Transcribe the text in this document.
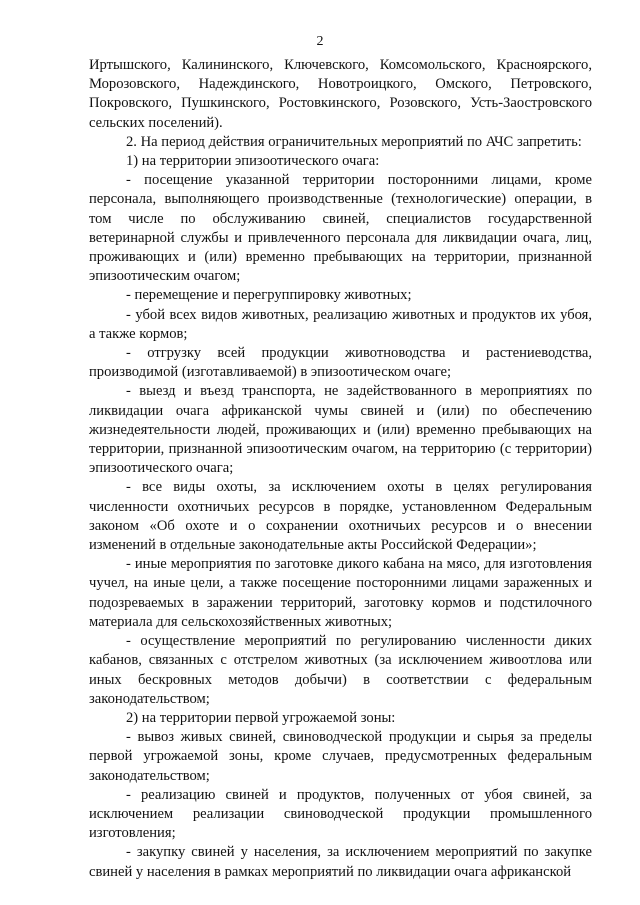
2

Иртышского, Калининского, Ключевского, Комсомольского, Красноярского, Морозовского, Надеждинского, Новотроицкого, Омского, Петровского, Покровского, Пушкинского, Ростовкинского, Розовского, Усть-Заостровского сельских поселений).

2. На период действия ограничительных мероприятий по АЧС запретить:

1) на территории эпизоотического очага:

- посещение указанной территории посторонними лицами, кроме персонала, выполняющего производственные (технологические) операции, в том числе по обслуживанию свиней, специалистов государственной ветеринарной службы и привлеченного персонала для ликвидации очага, лиц, проживающих и (или) временно пребывающих на территории, признанной эпизоотическим очагом;

- перемещение и перегруппировку животных;

- убой всех видов животных, реализацию животных и продуктов их убоя, а также кормов;

- отгрузку всей продукции животноводства и растениеводства, производимой (изготавливаемой) в эпизоотическом очаге;

- выезд и въезд транспорта, не задействованного в мероприятиях по ликвидации очага африканской чумы свиней и (или) по обеспечению жизнедеятельности людей, проживающих и (или) временно пребывающих на территории, признанной эпизоотическим очагом, на территорию (с территории) эпизоотического очага;

- все виды охоты, за исключением охоты в целях регулирования численности охотничьих ресурсов в порядке, установленном Федеральным законом «Об охоте и о сохранении охотничьих ресурсов и о внесении изменений в отдельные законодательные акты Российской Федерации»;

- иные мероприятия по заготовке дикого кабана на мясо, для изготовления чучел, на иные цели, а также посещение посторонними лицами зараженных и подозреваемых в заражении территорий, заготовку кормов и подстилочного материала для сельскохозяйственных животных;

- осуществление мероприятий по регулированию численности диких кабанов, связанных с отстрелом животных (за исключением живоотлова или иных бескровных методов добычи) в соответствии с федеральным законодательством;

2) на территории первой угрожаемой зоны:

- вывоз живых свиней, свиноводческой продукции и сырья за пределы первой угрожаемой зоны, кроме случаев, предусмотренных федеральным законодательством;

- реализацию свиней и продуктов, полученных от убоя свиней, за исключением реализации свиноводческой продукции промышленного изготовления;

- закупку свиней у населения, за исключением мероприятий по закупке свиней у населения в рамках мероприятий по ликвидации очага африканской
